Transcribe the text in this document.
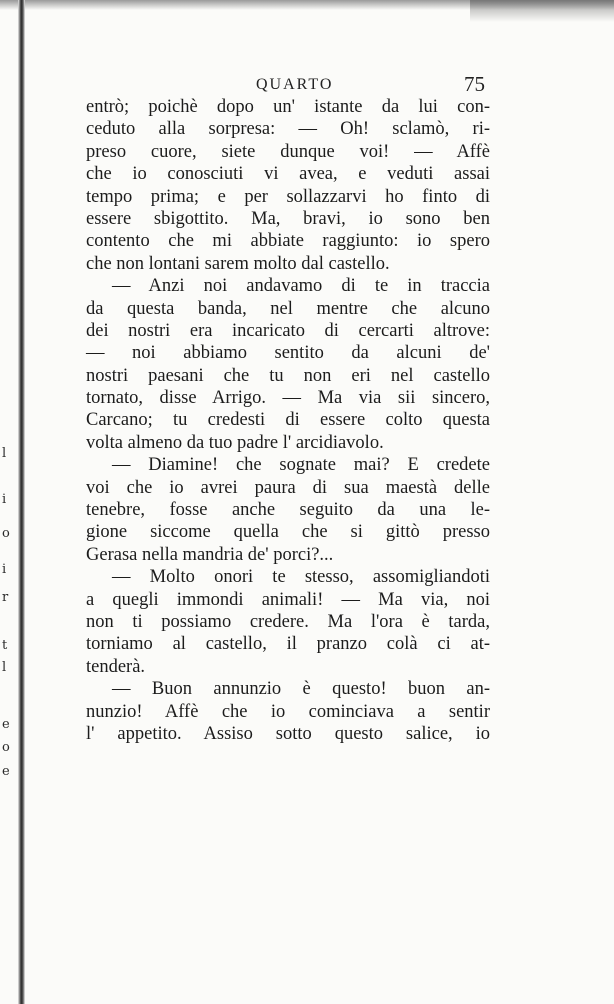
l
i
o
i
r
t
l
e
o
e
QUARTO	75
entrò; poichè dopo un' istante da lui con-
ceduto alla sorpresa: — Oh! sclamò, ri-
preso cuore, siete dunque voi! — Affè
che io conosciuti vi avea, e veduti assai
tempo prima; e per sollazzarvi ho finto di
essere sbigottito. Ma, bravi, io sono ben
contento che mi abbiate raggiunto: io spero
che non lontani sarem molto dal castello.
— Anzi noi andavamo di te in traccia
da questa banda, nel mentre che alcuno
dei nostri era incaricato di cercarti altrove:
— noi abbiamo sentito da alcuni de'
nostri paesani che tu non eri nel castello
tornato, disse Arrigo. — Ma via sii sincero,
Carcano; tu credesti di essere colto questa
volta almeno da tuo padre l' arcidiavolo.
— Diamine! che sognate mai? E credete
voi che io avrei paura di sua maestà delle
tenebre, fosse anche seguito da una le-
gione siccome quella che si gittò presso
Gerasa nella mandria de' porci?...
— Molto onori te stesso, assomigliandoti
a quegli immondi animali! — Ma via, noi
non ti possiamo credere. Ma l'ora è tarda,
torniamo al castello, il pranzo colà ci at-
tenderà.
— Buon annunzio è questo! buon an-
nunzio! Affè che io cominciava a sentir
l' appetito. Assiso sotto questo salice, io
